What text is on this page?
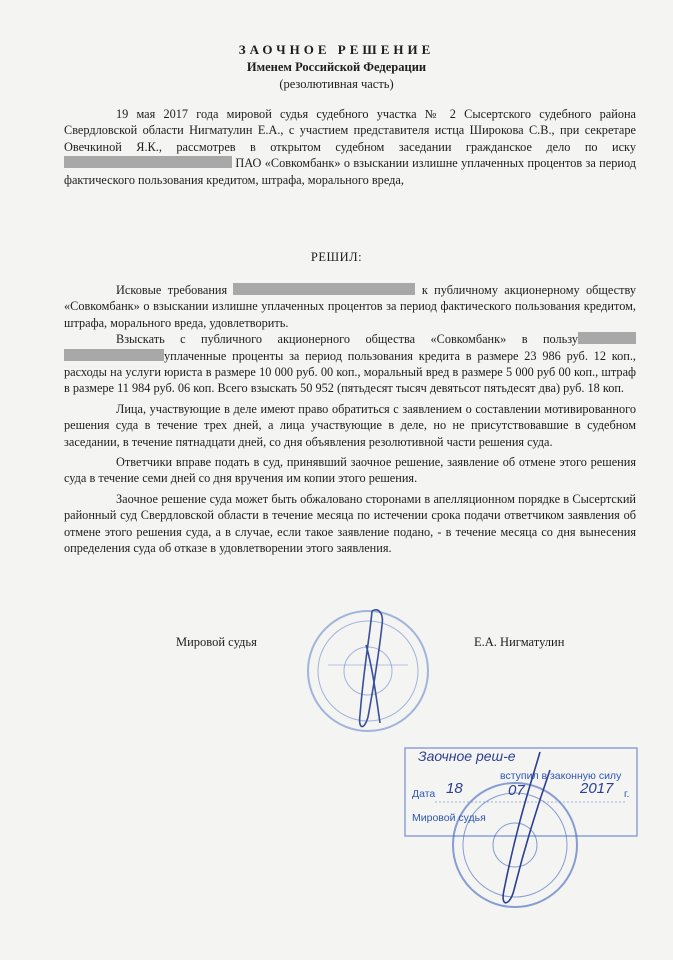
ЗАОЧНОЕ РЕШЕНИЕ
Именем Российской Федерации
(резолютивная часть)

19 мая 2017 года мировой судья судебного участка № 2 Сысертского судебного района Свердловской области Нигматулин Е.А., с участием представителя истца Широкова С.В., при секретаре Овечкиной Я.К., рассмотрев в открытом судебном заседании гражданское дело по иску  ПАО «Совкомбанк» о взыскании излишне уплаченных процентов за период фактического пользования кредитом, штрафа, морального вреда,

РЕШИЛ:

Исковые требования	к публичному акционерному обществу «Совкомбанк» о взыскании излишне уплаченных процентов за период фактического пользования кредитом, штрафа, морального вреда, удовлетворить.

Взыскать с публичного акционерного общества «Совкомбанк» в пользу уплаченные проценты за период пользования кредита в размере 23 986 руб. 12 коп., расходы на услуги юриста в размере 10 000 руб. 00 коп., моральный вред в размере 5 000 руб 00 коп., штраф в размере 11 984 руб. 06 коп. Всего взыскать 50 952 (пятьдесят тысяч девятьсот пятьдесят два) руб. 18 коп.

Лица, участвующие в деле имеют право обратиться с заявлением о составлении мотивированного решения суда в течение трех дней, а лица участвующие в деле, но не присутствовавшие в судебном заседании, в течение пятнадцати дней, со дня объявления резолютивной части решения суда.

Ответчики вправе подать в суд, принявший заочное решение, заявление об отмене этого решения суда в течение семи дней со дня вручения им копии этого решения.

Заочное решение суда может быть обжаловано сторонами в апелляционном порядке в Сысертский районный суд Свердловской области в течение месяца по истечении срока подачи ответчиком заявления об отмене этого решения суда, а в случае, если такое заявление подано, - в течение месяца со дня вынесения определения суда об отказе в удовлетворении этого заявления.

Мировой судья	Е.А. Нигматулин
Заочное реш-е
вступил в законную силу
Дата 18	07	2017 г.
Мировой судья
